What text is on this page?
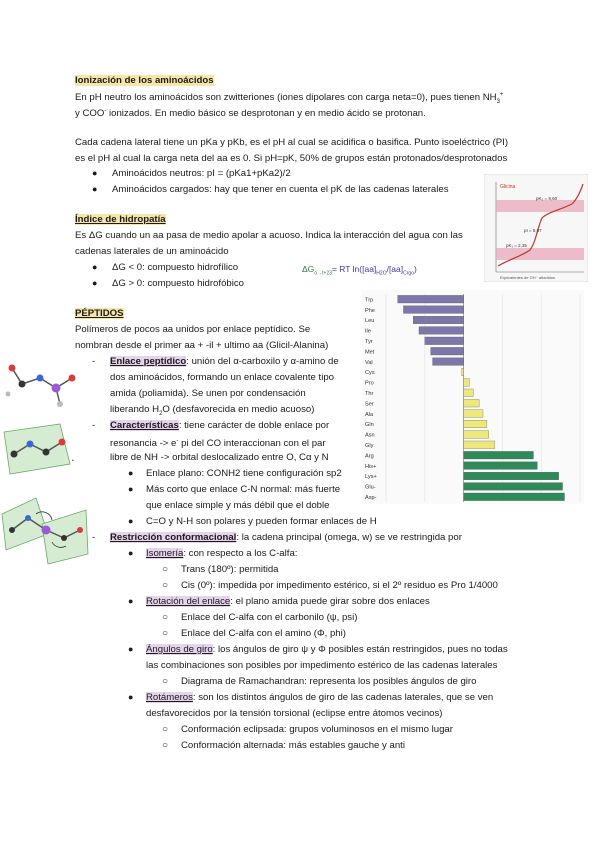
Ionización de los aminoácidos
En pH neutro los aminoácidos son zwitteriones (iones dipolares con carga neta=0), pues tienen $NH_3^+$
y COO- ionizados. En medio básico se desprotonan y en medio ácido se protonan.
Cada cadena lateral tiene un pKa y pKb, es el pH al cual se acidifica o basifica. Punto isoeléctrico (PI)
es el pH al cual la carga neta del aa es 0. Si pH=pK, 50% de grupos están protonados/desprotonados
● Aminoácidos neutros: pI = (pKa1+pKa2)/2
● Aminoácidos cargados: hay que tener en cuenta el pK de las cadenas laterales	Glicina
pK₂ = 9,60
pI = 5,97
pK₁ = 2,35
Equivalentes de OH⁻ añadidos
Índice de hidropatía
Es ΔG cuando un aa pasa de medio apolar a acuoso. Indica la interacción del agua con las
cadenas laterales de un aminoácido
● ΔG < 0: compuesto hidrofílico
● ΔG > 0: compuesto hidrofóbico
$\Delta G_{o\to t+23}=$ RT $\ln([aa]_{H2O}/[aa]_{Crgo})$
Trp
Phe
Leu
Ile
Tyr
Met
Val
Cys
Pro
Thr
Ser
Ala
Gln
Asn
Gly
Arg
His+
Lys+
Glu-
Asp-
PÉPTIDOS
Polímeros de pocos aa unidos por enlace peptídico. Se
nombran desde el primer aa + -il + ultimo aa (Glicil-Alanina)
- Enlace peptídico: unión del α-carboxilo y α-amino de
dos aminoácidos, formando un enlace covalente tipo
amida (poliamida). Se unen por condensación
liberando $H_2O$ (desfavorecida en medio acuoso)
- Características: tiene carácter de doble enlace por
resonancia -> e- pi del CO interaccionan con el par
libre de NH -> orbital deslocalizado entre O, Cα y N
● Enlace plano: CONH2 tiene configuración sp2
● Más corto que enlace C-N normal: más fuerte
que enlace simple y más débil que el doble
● C=O y N-H son polares y pueden formar enlaces de H
- Restricción conformacional: la cadena principal (omega, w) se ve restringida por
● Isomería: con respecto a los C-alfa:
○ Trans (180º): permitida
○ Cis (0º): impedida por impedimento estérico, si el 2º residuo es Pro 1/4000
● Rotación del enlace: el plano amida puede girar sobre dos enlaces
○ Enlace del C-alfa con el carbonilo (ψ, psi)
○ Enlace del C-alfa con el amino (Φ, phi)
● Ángulos de giro: los ángulos de giro ψ y Φ posibles están restringidos, pues no todas
las combinaciones son posibles por impedimento estérico de las cadenas laterales
○ Diagrama de Ramachandran: representa los posibles ángulos de giro
● Rotámeros: son los distintos ángulos de giro de las cadenas laterales, que se ven
desfavorecidos por la tensión torsional (eclipse entre átomos vecinos)
○ Conformación eclipsada: grupos voluminosos en el mismo lugar
○ Conformación alternada: más estables gauche y anti
•
